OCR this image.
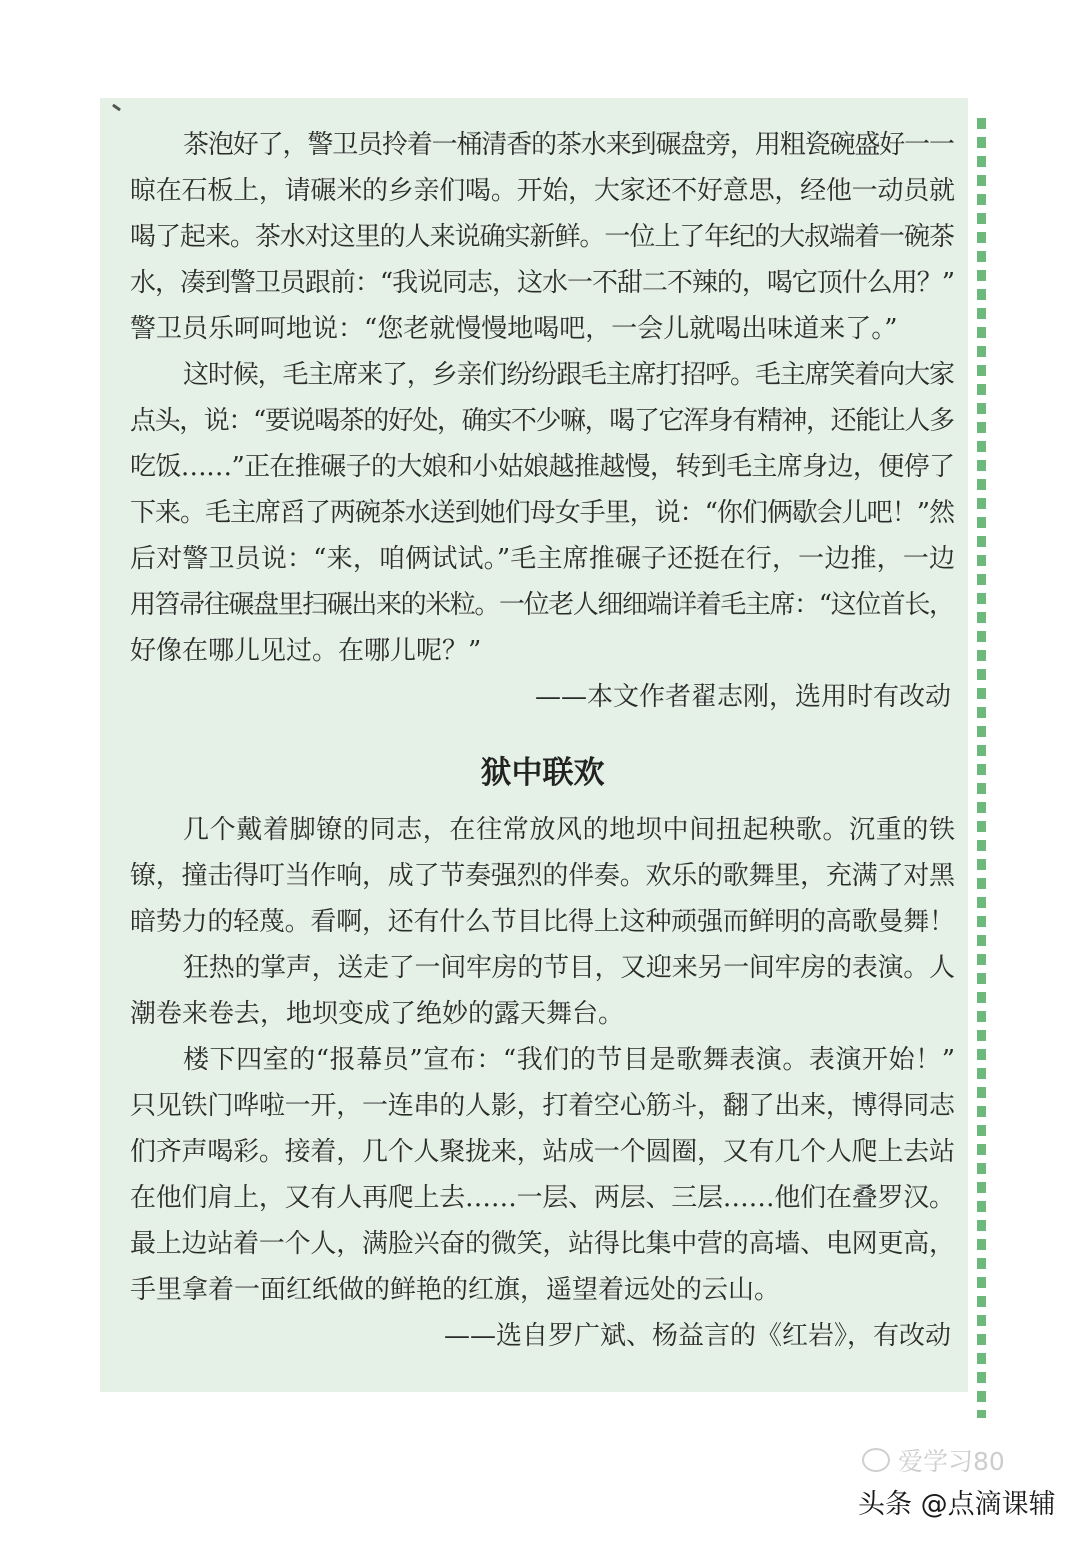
茶泡好了，警卫员拎着一桶清香的茶水来到碾盘旁，用粗瓷碗盛好一一
晾在石板上，请碾米的乡亲们喝。开始，大家还不好意思，经他一动员就
喝了起来。茶水对这里的人来说确实新鲜。一位上了年纪的大叔端着一碗茶
水，凑到警卫员跟前：“我说同志，这水一不甜二不辣的，喝它顶什么用？”
警卫员乐呵呵地说：“您老就慢慢地喝吧，一会儿就喝出味道来了。”
这时候，毛主席来了，乡亲们纷纷跟毛主席打招呼。毛主席笑着向大家
点头，说：“要说喝茶的好处，确实不少嘛，喝了它浑身有精神，还能让人多
吃饭……”正在推碾子的大娘和小姑娘越推越慢，转到毛主席身边，便停了
下来。毛主席舀了两碗茶水送到她们母女手里，说：“你们俩歇会儿吧！”然
后对警卫员说：“来，咱俩试试。”毛主席推碾子还挺在行，一边推，一边
用笤帚往碾盘里扫碾出来的米粒。一位老人细细端详着毛主席：“这位首长，
好像在哪儿见过。在哪儿呢？”
——本文作者翟志刚，选用时有改动
狱中联欢
几个戴着脚镣的同志，在往常放风的地坝中间扭起秧歌。沉重的铁
镣，撞击得叮当作响，成了节奏强烈的伴奏。欢乐的歌舞里，充满了对黑
暗势力的轻蔑。看啊，还有什么节目比得上这种顽强而鲜明的高歌曼舞！
狂热的掌声，送走了一间牢房的节目，又迎来另一间牢房的表演。人
潮卷来卷去，地坝变成了绝妙的露天舞台。
楼下四室的“报幕员”宣布：“我们的节目是歌舞表演。表演开始！”
只见铁门哗啦一开，一连串的人影，打着空心筋斗，翻了出来，博得同志
们齐声喝彩。接着，几个人聚拢来，站成一个圆圈，又有几个人爬上去站
在他们肩上，又有人再爬上去……一层、两层、三层……他们在叠罗汉。
最上边站着一个人，满脸兴奋的微笑，站得比集中营的高墙、电网更高，
手里拿着一面红纸做的鲜艳的红旗，遥望着远处的云山。
——选自罗广斌、杨益言的《红岩》，有改动
爱学习80
头条 @点滴课辅
